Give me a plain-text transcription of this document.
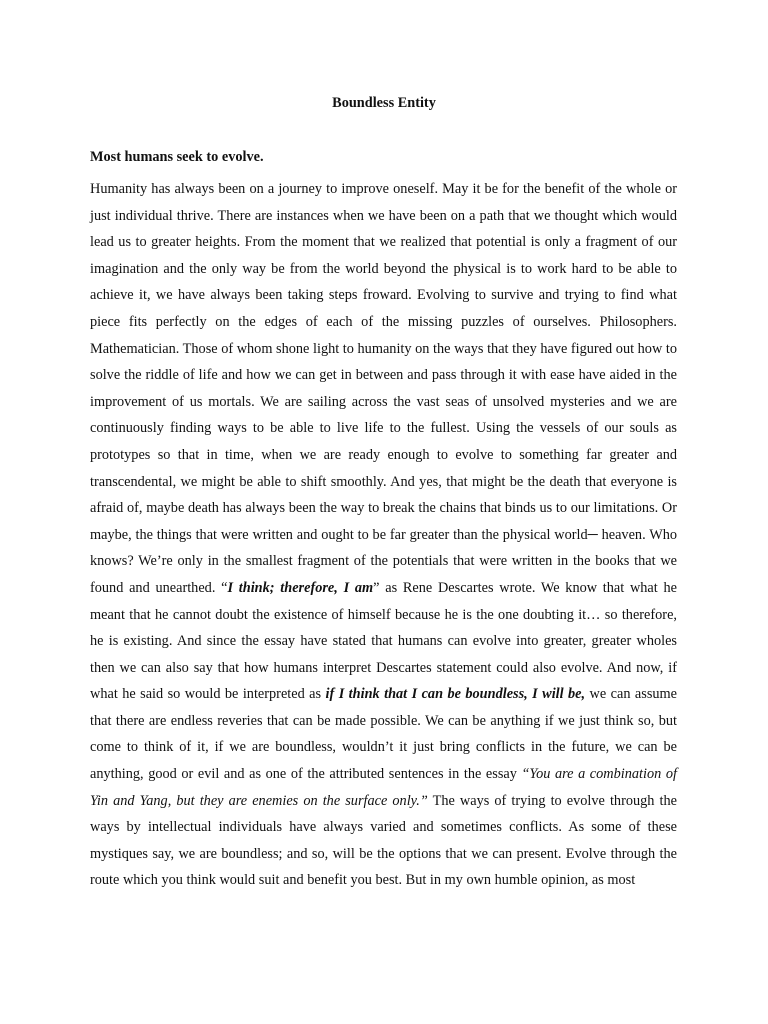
Boundless Entity
Most humans seek to evolve.

Humanity has always been on a journey to improve oneself. May it be for the benefit of the whole or just individual thrive. There are instances when we have been on a path that we thought which would lead us to greater heights. From the moment that we realized that potential is only a fragment of our imagination and the only way be from the world beyond the physical is to work hard to be able to achieve it, we have always been taking steps froward. Evolving to survive and trying to find what piece fits perfectly on the edges of each of the missing puzzles of ourselves. Philosophers. Mathematician. Those of whom shone light to humanity on the ways that they have figured out how to solve the riddle of life and how we can get in between and pass through it with ease have aided in the improvement of us mortals. We are sailing across the vast seas of unsolved mysteries and we are continuously finding ways to be able to live life to the fullest. Using the vessels of our souls as prototypes so that in time, when we are ready enough to evolve to something far greater and transcendental, we might be able to shift smoothly. And yes, that might be the death that everyone is afraid of, maybe death has always been the way to break the chains that binds us to our limitations. Or maybe, the things that were written and ought to be far greater than the physical world─ heaven. Who knows? We’re only in the smallest fragment of the potentials that were written in the books that we found and unearthed. “I think; therefore, I am” as Rene Descartes wrote. We know that what he meant that he cannot doubt the existence of himself because he is the one doubting it… so therefore, he is existing. And since the essay have stated that humans can evolve into greater, greater wholes then we can also say that how humans interpret Descartes statement could also evolve. And now, if what he said so would be interpreted as if I think that I can be boundless, I will be, we can assume that there are endless reveries that can be made possible. We can be anything if we just think so, but come to think of it, if we are boundless, wouldn’t it just bring conflicts in the future, we can be anything, good or evil and as one of the attributed sentences in the essay “You are a combination of Yin and Yang, but they are enemies on the surface only.” The ways of trying to evolve through the ways by intellectual individuals have always varied and sometimes conflicts. As some of these mystiques say, we are boundless; and so, will be the options that we can present. Evolve through the route which you think would suit and benefit you best. But in my own humble opinion, as most
